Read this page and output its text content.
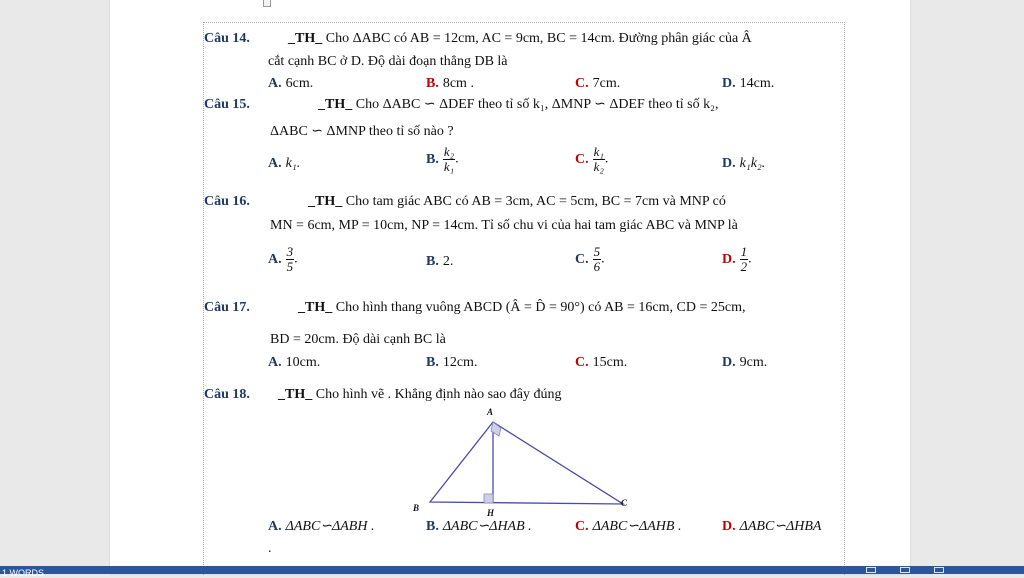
Câu 14.	_TH_ Cho ΔABC có AB = 12cm, AC = 9cm, BC = 14cm. Đường phân giác của Â
cắt cạnh BC ở D. Độ dài đoạn thẳng DB là
A. 6cm.	B. 8cm .	C. 7cm.	D. 14cm.
Câu 15.	_TH_ Cho ΔABC ∽ ΔDEF theo tỉ số k₁, ΔMNP ∽ ΔDEF theo tỉ số k₂,
ΔABC ∽ ΔMNP theo tỉ số nào ?
A. k₁.	B. $\frac{\text{k₂}}{\text{k₁}}$ .	C. $\frac{\text{k₁}}{\text{k₂}}$ .	D. k₁k₂.
Câu 16.	_TH_ Cho tam giác ABC có AB = 3cm, AC = 5cm, BC = 7cm và MNP có
MN = 6cm, MP = 10cm, NP = 14cm. Tỉ số chu vi của hai tam giác ABC và MNP là
A. $\frac{3}{5}$ .	B. 2.	C. $\frac{5}{6}$ .	D. $\frac{1}{2}$ .
Câu 17.	_TH_ Cho hình thang vuông ABCD (Â = D̂ = 90°) có AB = 16cm, CD = 25cm,
BD = 20cm. Độ dài cạnh BC là
A. 10cm.	B. 12cm.	C. 15cm.	D. 9cm.
Câu 18. _TH_ Cho hình vẽ . Khẳng định nào sao đây đúng
A
B	C
H
A. ΔABC∽ΔABH .	B. ΔABC∽ΔHAB .	C. ΔABC∽ΔAHB .	D. ΔABC∽ΔHBA
.
1 WORDS
